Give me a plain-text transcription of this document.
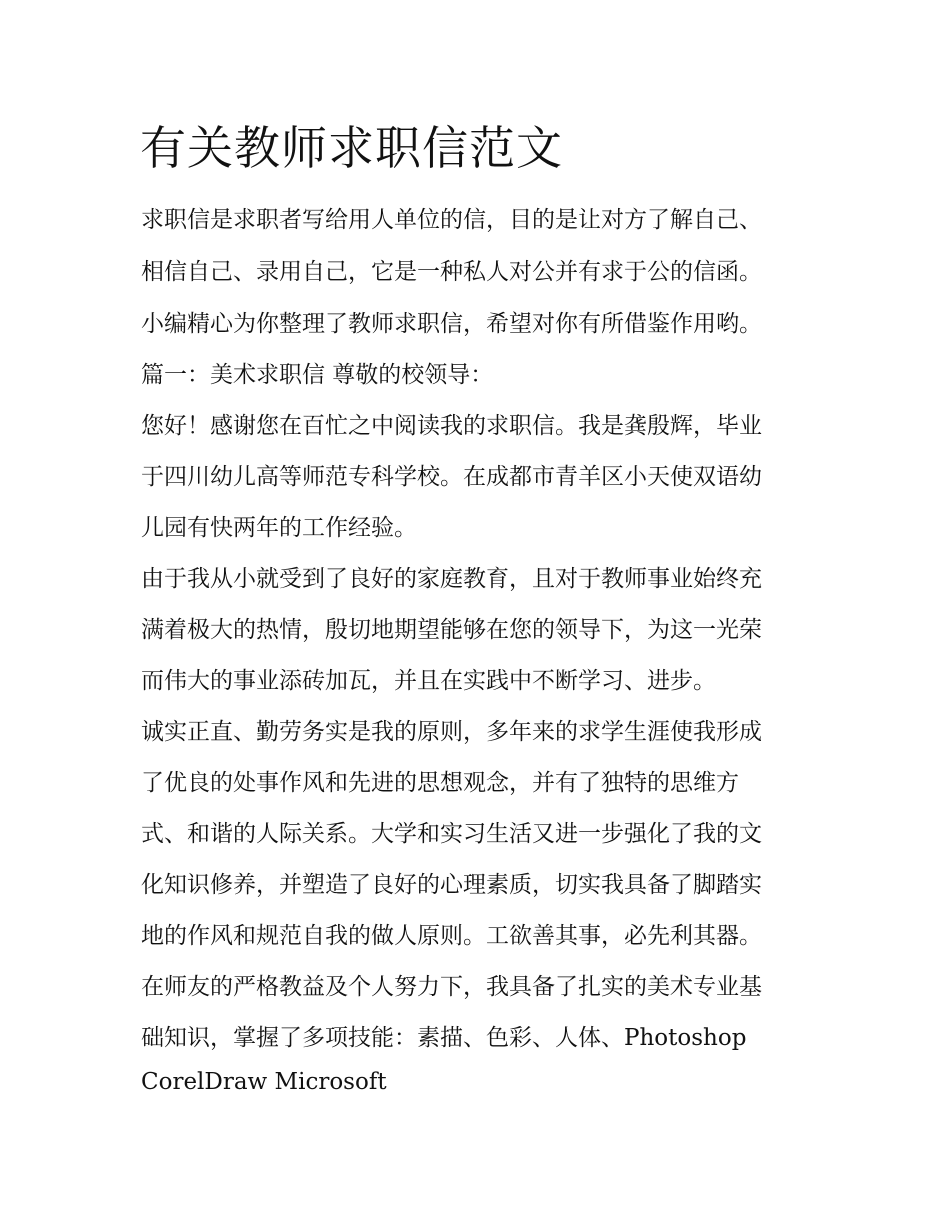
有关教师求职信范文

求职信是求职者写给用人单位的信，目的是让对方了解自己、

相信自己、录用自己，它是一种私人对公并有求于公的信函。

小编精心为你整理了教师求职信，希望对你有所借鉴作用哟。

篇一：美术求职信 尊敬的校领导：

您好！感谢您在百忙之中阅读我的求职信。我是龚殷辉，毕业

于四川幼儿高等师范专科学校。在成都市青羊区小天使双语幼

儿园有快两年的工作经验。

由于我从小就受到了良好的家庭教育，且对于教师事业始终充

满着极大的热情，殷切地期望能够在您的领导下，为这一光荣

而伟大的事业添砖加瓦，并且在实践中不断学习、进步。

诚实正直、勤劳务实是我的原则，多年来的求学生涯使我形成

了优良的处事作风和先进的思想观念，并有了独特的思维方

式、和谐的人际关系。大学和实习生活又进一步强化了我的文

化知识修养，并塑造了良好的心理素质，切实我具备了脚踏实

地的作风和规范自我的做人原则。工欲善其事，必先利其器。

在师友的严格教益及个人努力下，我具备了扎实的美术专业基

础知识，掌握了多项技能：素描、色彩、人体、Photoshop

CorelDraw Microsoft
